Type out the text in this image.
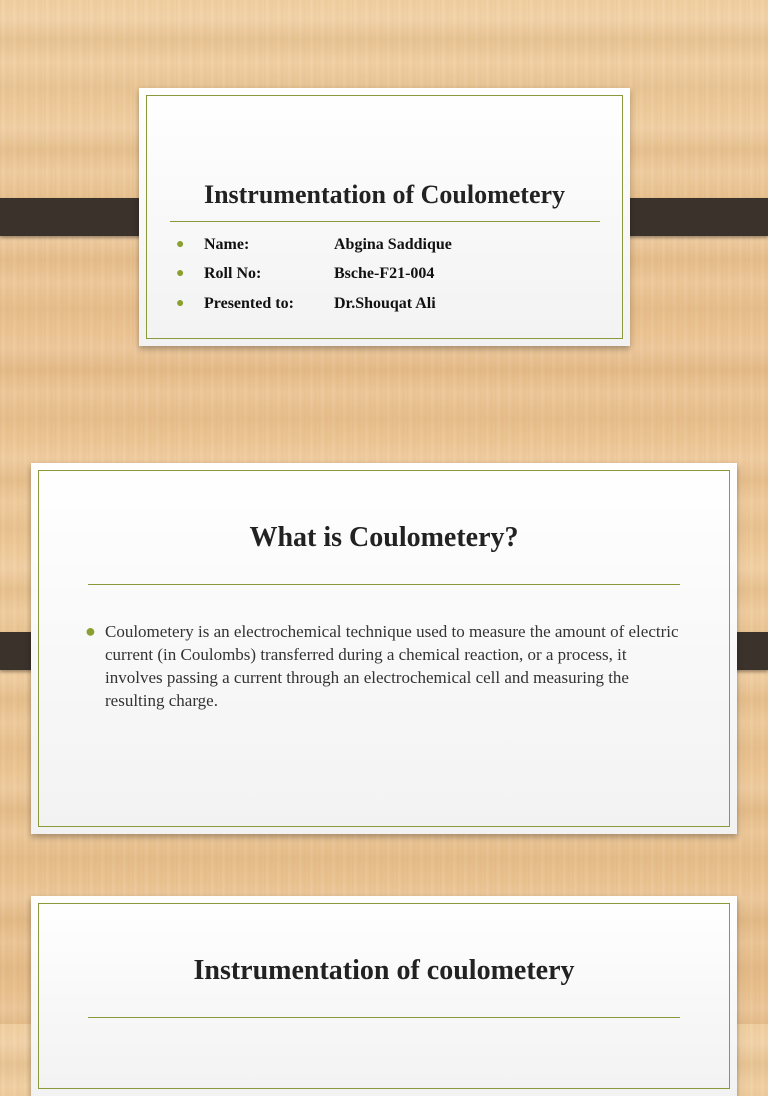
Instrumentation of Coulometery
●	Name:	Abgina Saddique
●	Roll No:	Bsche-F21-004
●	Presented to:	Dr.Shouqat Ali
What is Coulometery?
● Coulometery is an electrochemical technique used to measure the amount of electric current (in Coulombs) transferred during a chemical reaction, or a process, it involves passing a current through an electrochemical cell and measuring the resulting charge.
Instrumentation of coulometery
